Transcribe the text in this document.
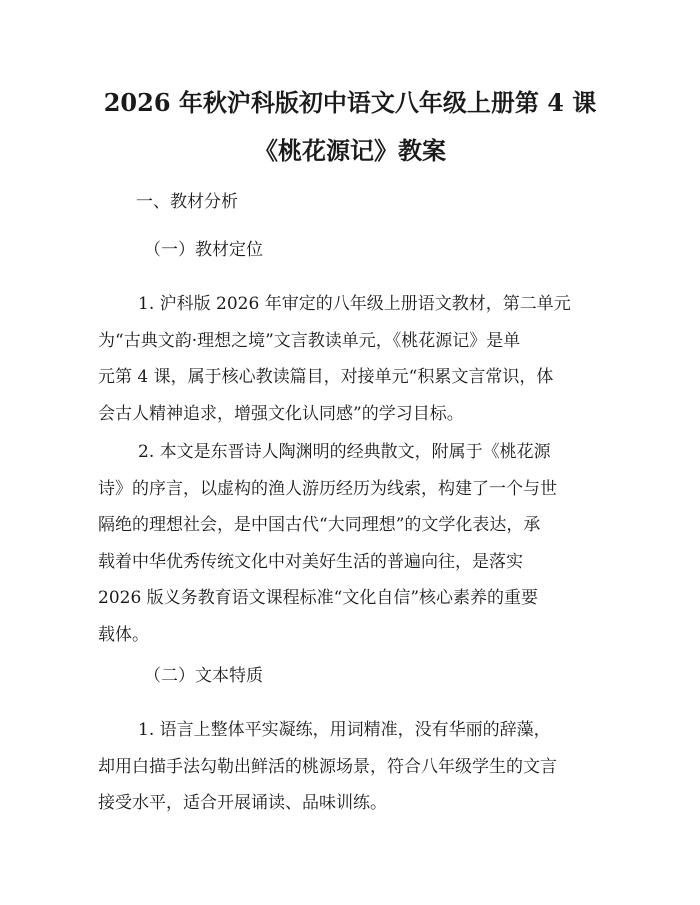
2026 年秋沪科版初中语文八年级上册第 4 课
《桃花源记》教案
一、教材分析
（一）教材定位
1. 沪科版 2026 年审定的八年级上册语文教材，第二单元
为“古典文韵·理想之境”文言教读单元，《桃花源记》是单
元第 4 课，属于核心教读篇目，对接单元“积累文言常识，体
会古人精神追求，增强文化认同感”的学习目标。
2. 本文是东晋诗人陶渊明的经典散文，附属于《桃花源
诗》的序言，以虚构的渔人游历经历为线索，构建了一个与世
隔绝的理想社会，是中国古代“大同理想”的文学化表达，承
载着中华优秀传统文化中对美好生活的普遍向往，是落实
2026 版义务教育语文课程标准“文化自信”核心素养的重要
载体。
（二）文本特质
1. 语言上整体平实凝练，用词精准，没有华丽的辞藻，
却用白描手法勾勒出鲜活的桃源场景，符合八年级学生的文言
接受水平，适合开展诵读、品味训练。
